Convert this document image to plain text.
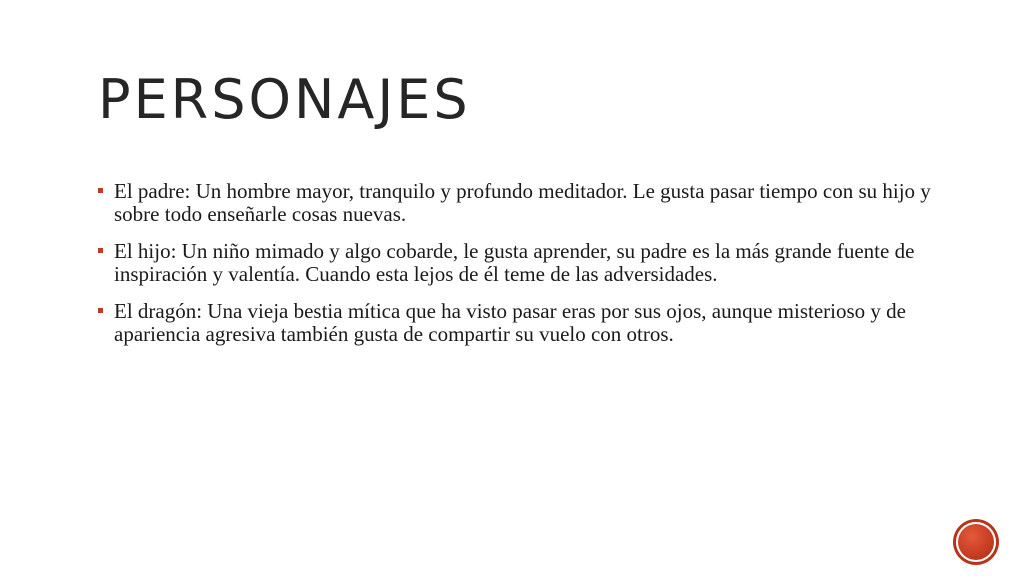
PERSONAJES
El padre: Un hombre mayor, tranquilo y profundo meditador. Le gusta pasar tiempo con su hijo y sobre todo enseñarle cosas nuevas.
El hijo: Un niño mimado y algo cobarde, le gusta aprender, su padre es la más grande fuente de inspiración y valentía. Cuando esta lejos de él teme de las adversidades.
El dragón: Una vieja bestia mítica que ha visto pasar eras por sus ojos, aunque misterioso y de apariencia agresiva también gusta de compartir su vuelo con otros.
